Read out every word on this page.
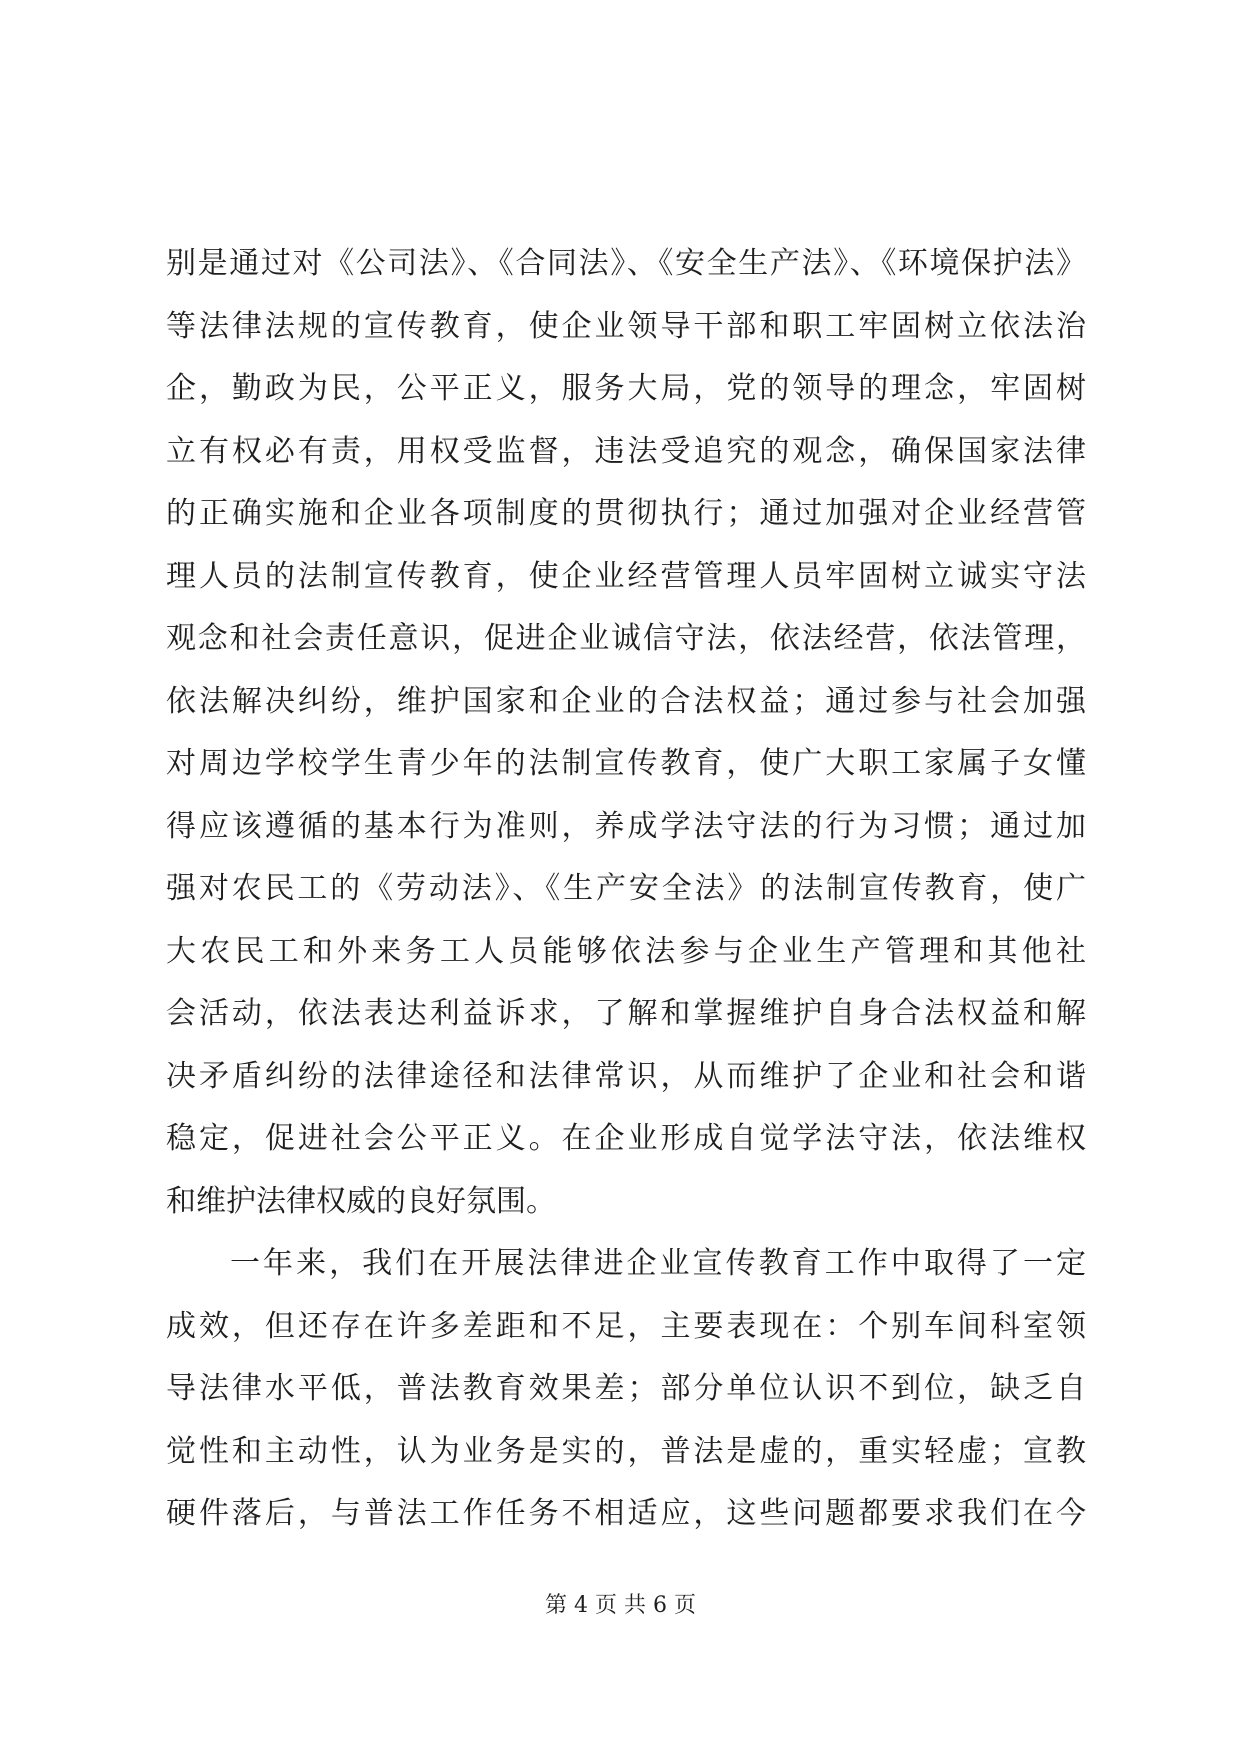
别是通过对《公司法》、《合同法》、《安全生产法》、《环境保护法》
等法律法规的宣传教育，使企业领导干部和职工牢固树立依法治
企，勤政为民，公平正义，服务大局，党的领导的理念，牢固树
立有权必有责，用权受监督，违法受追究的观念，确保国家法律
的正确实施和企业各项制度的贯彻执行；通过加强对企业经营管
理人员的法制宣传教育，使企业经营管理人员牢固树立诚实守法
观念和社会责任意识，促进企业诚信守法，依法经营，依法管理，
依法解决纠纷，维护国家和企业的合法权益；通过参与社会加强
对周边学校学生青少年的法制宣传教育，使广大职工家属子女懂
得应该遵循的基本行为准则，养成学法守法的行为习惯；通过加
强对农民工的《劳动法》、《生产安全法》的法制宣传教育，使广
大农民工和外来务工人员能够依法参与企业生产管理和其他社
会活动，依法表达利益诉求，了解和掌握维护自身合法权益和解
决矛盾纠纷的法律途径和法律常识，从而维护了企业和社会和谐
稳定，促进社会公平正义。在企业形成自觉学法守法，依法维权
和维护法律权威的良好氛围。
一年来，我们在开展法律进企业宣传教育工作中取得了一定
成效，但还存在许多差距和不足，主要表现在：个别车间科室领
导法律水平低，普法教育效果差；部分单位认识不到位，缺乏自
觉性和主动性，认为业务是实的，普法是虚的，重实轻虚；宣教
硬件落后，与普法工作任务不相适应，这些问题都要求我们在今
第 4 页 共 6 页
